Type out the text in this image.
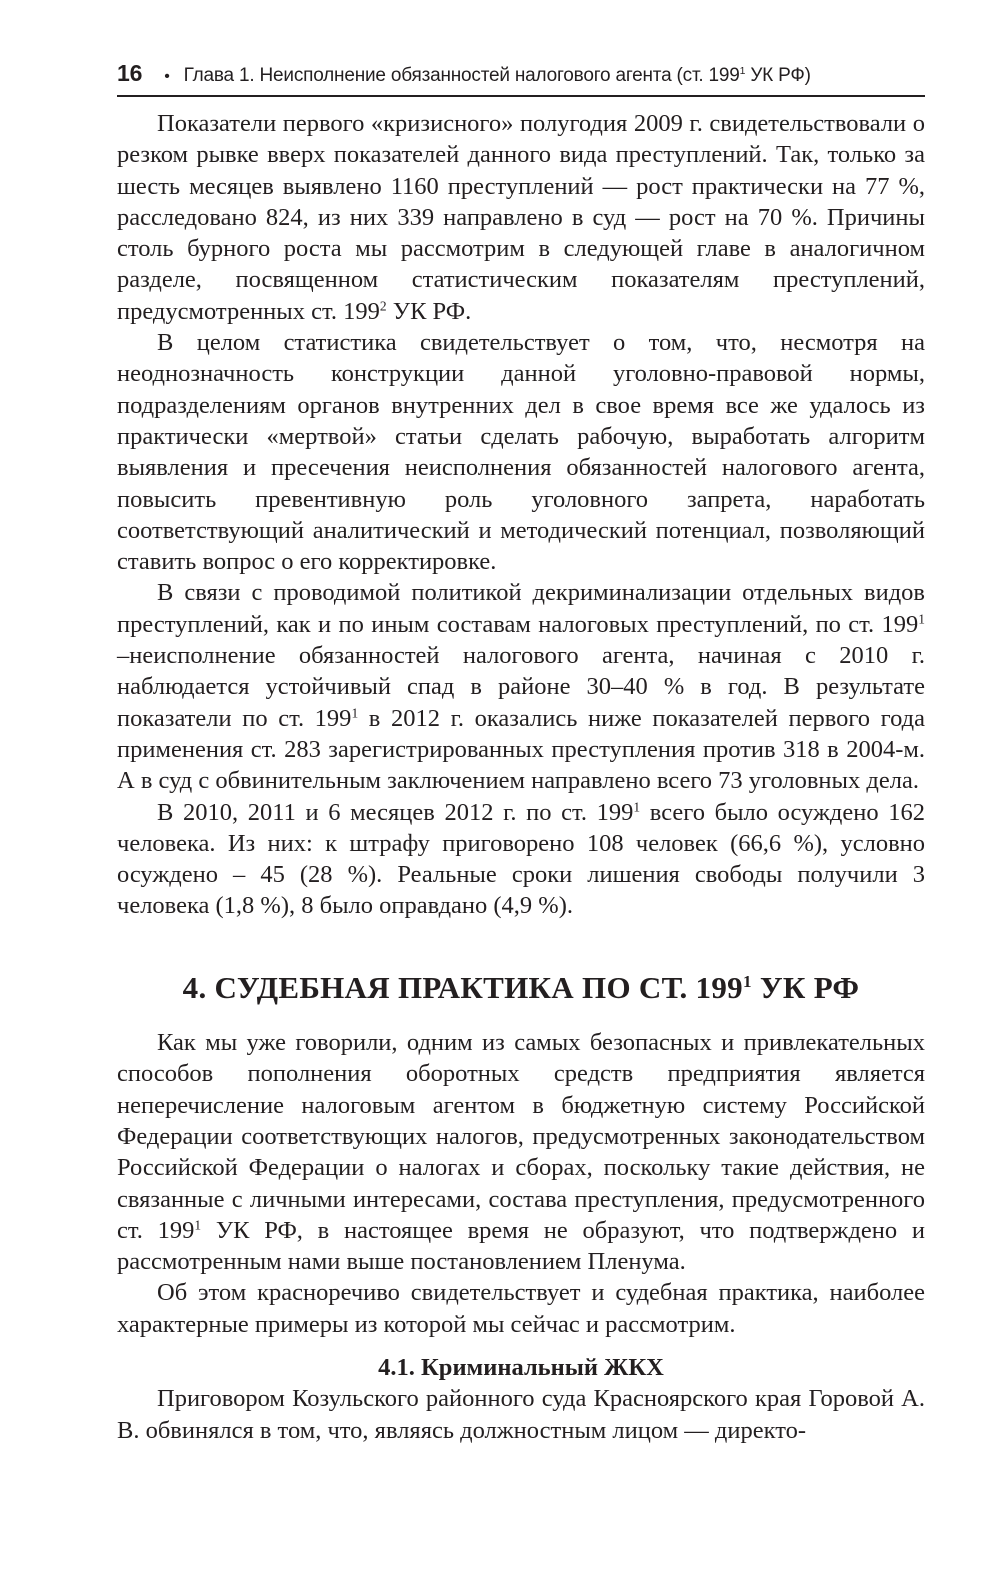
16 • Глава 1. Неисполнение обязанностей налогового агента (ст. $199^1$ УК РФ)

Показатели первого «кризисного» полугодия 2009 г. свидетельствовали о резком рывке вверх показателей данного вида преступлений. Так, только за шесть месяцев выявлено 1160 преступлений — рост практически на 77 %, расследовано 824, из них 339 направлено в суд — рост на 70 %. Причины столь бурного роста мы рассмотрим в следующей главе в аналогичном разделе, посвященном статистическим показателям преступлений, предусмотренных ст. $199^2$ УК РФ.

В целом статистика свидетельствует о том, что, несмотря на неоднозначность конструкции данной уголовно-правовой нормы, подразделениям органов внутренних дел в свое время все же удалось из практически «мертвой» статьи сделать рабочую, выработать алгоритм выявления и пресечения неисполнения обязанностей налогового агента, повысить превентивную роль уголовного запрета, наработать соответствующий аналитический и методический потенциал, позволяющий ставить вопрос о его корректировке.

В связи с проводимой политикой декриминализации отдельных видов преступлений, как и по иным составам налоговых преступлений, по ст. $199^1$ –неисполнение обязанностей налогового агента, начиная с 2010 г. наблюдается устойчивый спад в районе 30–40 % в год. В результате показатели по ст. $199^1$ в 2012 г. оказались ниже показателей первого года применения ст. 283 зарегистрированных преступления против 318 в 2004-м. А в суд с обвинительным заключением направлено всего 73 уголовных дела.

В 2010, 2011 и 6 месяцев 2012 г. по ст. $199^1$ всего было осуждено 162 человека. Из них: к штрафу приговорено 108 человек (66,6 %), условно осуждено – 45 (28 %). Реальные сроки лишения свободы получили 3 человека (1,8 %), 8 было оправдано (4,9 %).

4. СУДЕБНАЯ ПРАКТИКА ПО СТ. $199^1$ УК РФ

Как мы уже говорили, одним из самых безопасных и привлекательных способов пополнения оборотных средств предприятия является неперечисление налоговым агентом в бюджетную систему Российской Федерации соответствующих налогов, предусмотренных законодательством Российской Федерации о налогах и сборах, поскольку такие действия, не связанные с личными интересами, состава преступления, предусмотренного ст. $199^1$ УК РФ, в настоящее время не образуют, что подтверждено и рассмотренным нами выше постановлением Пленума.

Об этом красноречиво свидетельствует и судебная практика, наиболее характерные примеры из которой мы сейчас и рассмотрим.

4.1. Криминальный ЖКХ

Приговором Козульского районного суда Красноярского края Горовой А. В. обвинялся в том, что, являясь должностным лицом — директо-
